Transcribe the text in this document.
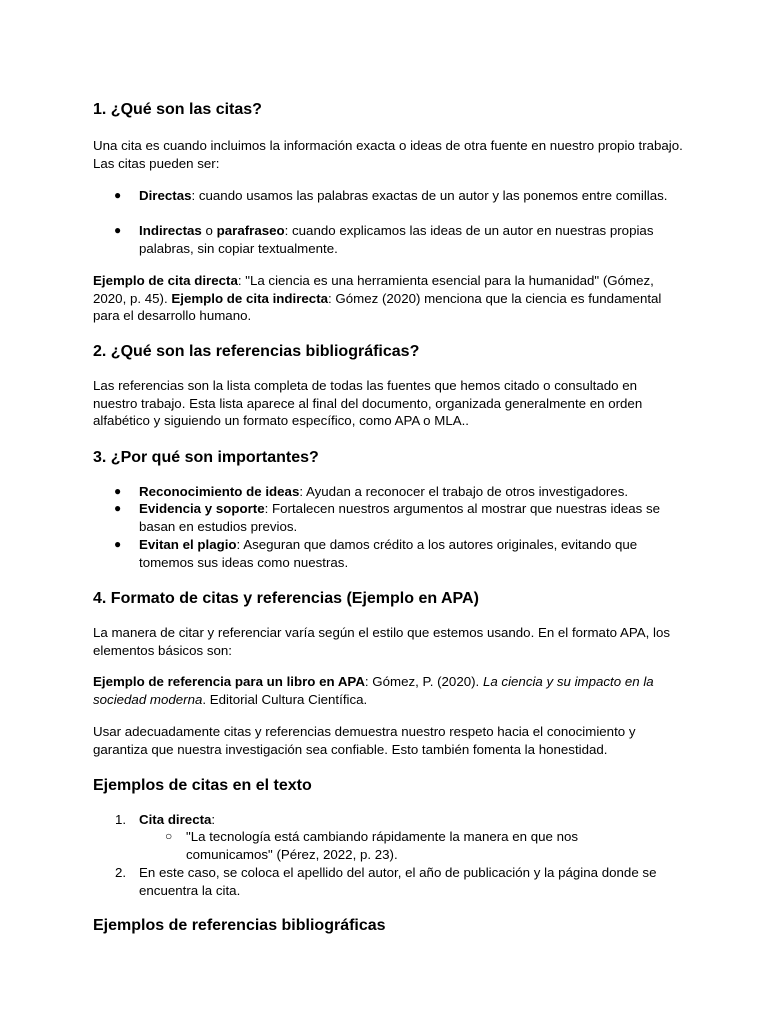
1. ¿Qué son las citas?

Una cita es cuando incluimos la información exacta o ideas de otra fuente en nuestro propio trabajo. Las citas pueden ser:

● Directas: cuando usamos las palabras exactas de un autor y las ponemos entre comillas.
● Indirectas o parafraseo: cuando explicamos las ideas de un autor en nuestras propias palabras, sin copiar textualmente.

Ejemplo de cita directa: "La ciencia es una herramienta esencial para la humanidad" (Gómez, 2020, p. 45). Ejemplo de cita indirecta: Gómez (2020) menciona que la ciencia es fundamental para el desarrollo humano.

2. ¿Qué son las referencias bibliográficas?

Las referencias son la lista completa de todas las fuentes que hemos citado o consultado en nuestro trabajo. Esta lista aparece al final del documento, organizada generalmente en orden alfabético y siguiendo un formato específico, como APA o MLA..

3. ¿Por qué son importantes?
● Reconocimiento de ideas: Ayudan a reconocer el trabajo de otros investigadores.
● Evidencia y soporte: Fortalecen nuestros argumentos al mostrar que nuestras ideas se basan en estudios previos.
● Evitan el plagio: Aseguran que damos crédito a los autores originales, evitando que tomemos sus ideas como nuestras.
4. Formato de citas y referencias (Ejemplo en APA)

La manera de citar y referenciar varía según el estilo que estemos usando. En el formato APA, los elementos básicos son:

Ejemplo de referencia para un libro en APA: Gómez, P. (2020). La ciencia y su impacto en la sociedad moderna. Editorial Cultura Científica.

Usar adecuadamente citas y referencias demuestra nuestro respeto hacia el conocimiento y garantiza que nuestra investigación sea confiable. Esto también fomenta la honestidad.

Ejemplos de citas en el texto
1. Cita directa:
○	"La tecnología está cambiando rápidamente la manera en que nos comunicamos" (Pérez, 2022, p. 23).
2. En este caso, se coloca el apellido del autor, el año de publicación y la página donde se encuentra la cita.
Ejemplos de referencias bibliográficas
